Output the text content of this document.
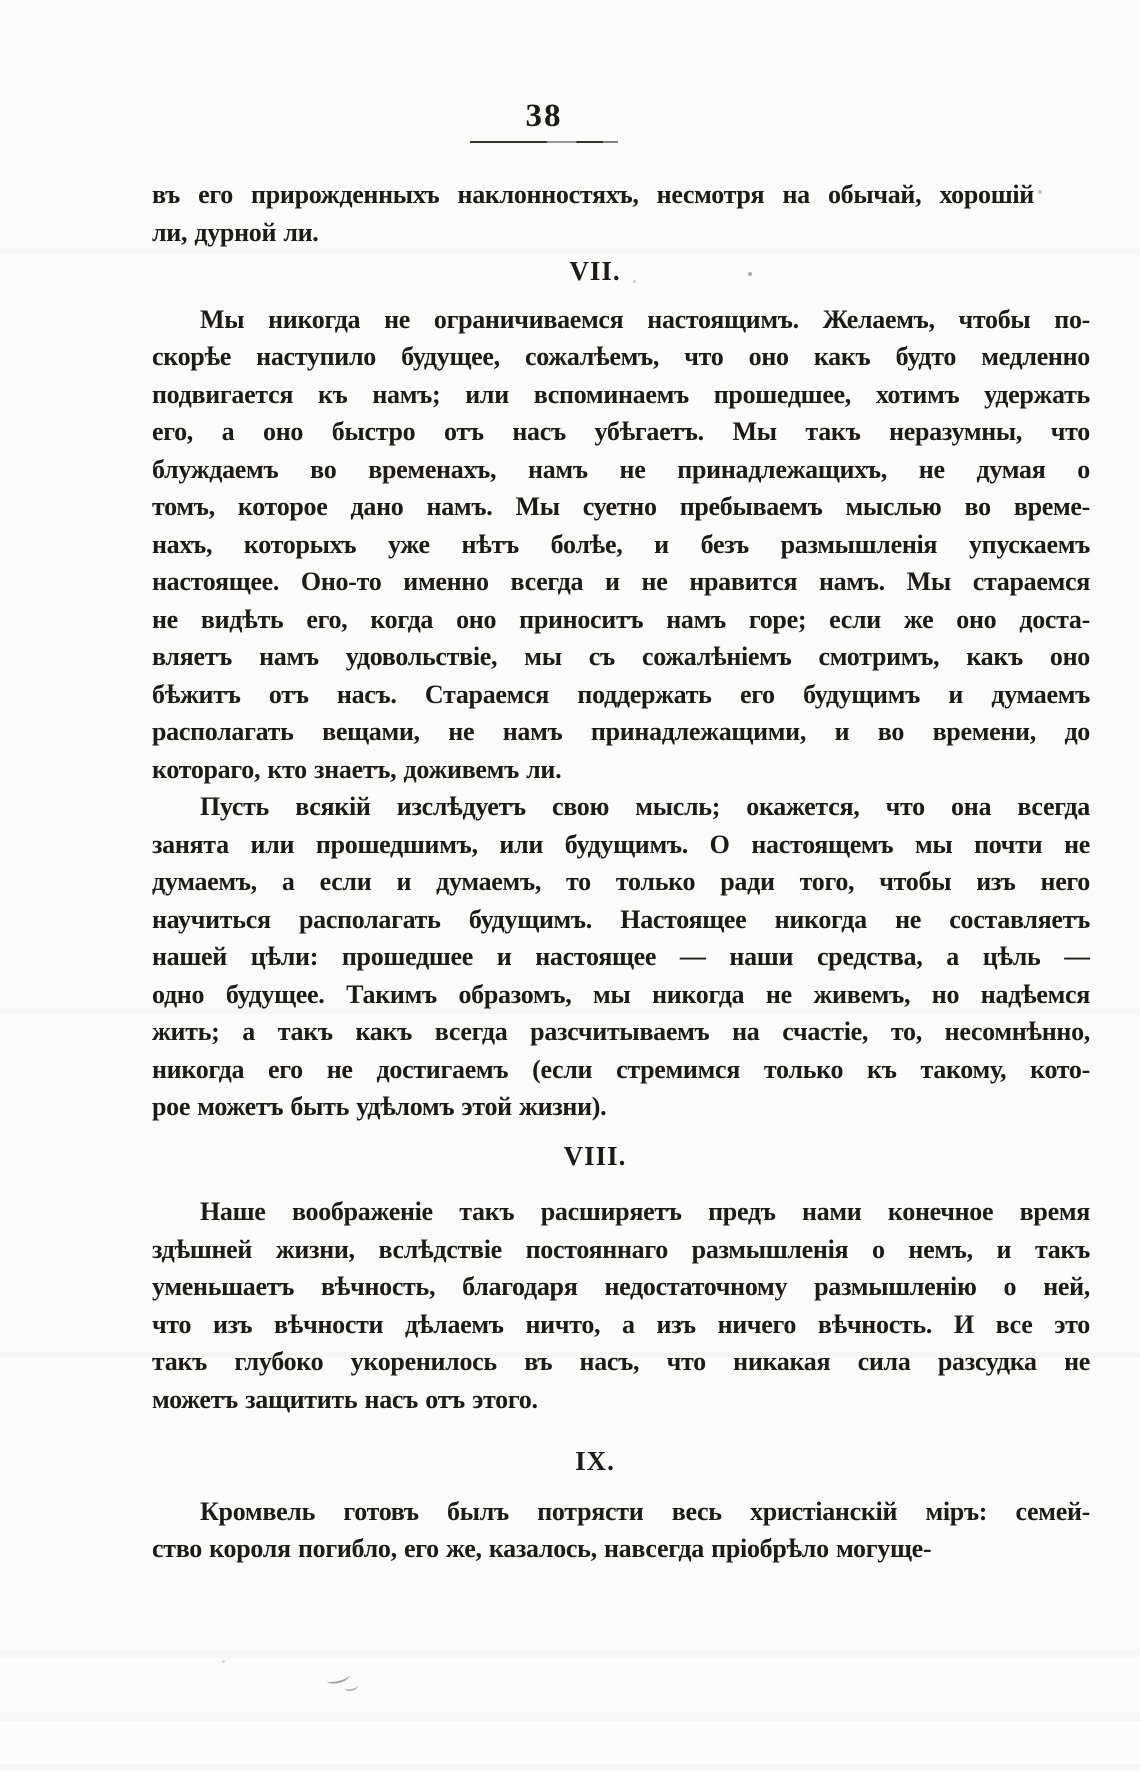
38
въ его прирожденныхъ наклонностяхъ, несмотря на обычай, хорошій
ли, дурной ли.
VII.
Мы никогда не ограничиваемся настоящимъ. Желаемъ, чтобы по-
скорѣе наступило будущее, сожалѣемъ, что оно какъ будто медленно
подвигается къ намъ; или вспоминаемъ прошедшее, хотимъ удержать
его, а оно быстро отъ насъ убѣгаетъ. Мы такъ неразумны, что
блуждаемъ во временахъ, намъ не принадлежащихъ, не думая о
томъ, которое дано намъ. Мы суетно пребываемъ мыслью во време-
нахъ, которыхъ уже нѣтъ болѣе, и безъ размышленія упускаемъ
настоящее. Оно-то именно всегда и не нравится намъ. Мы стараемся
не видѣть его, когда оно приноситъ намъ горе; если же оно доста-
вляетъ намъ удовольствіе, мы съ сожалѣніемъ смотримъ, какъ оно
бѣжитъ отъ насъ. Стараемся поддержать его будущимъ и думаемъ
располагать вещами, не намъ принадлежащими, и во времени, до
котораго, кто знаетъ, доживемъ ли.
Пусть всякій изслѣдуетъ свою мысль; окажется, что она всегда
занята или прошедшимъ, или будущимъ. О настоящемъ мы почти не
думаемъ, а если и думаемъ, то только ради того, чтобы изъ него
научиться располагать будущимъ. Настоящее никогда не составляетъ
нашей цѣли: прошедшее и настоящее — наши средства, а цѣль —
одно будущее. Такимъ образомъ, мы никогда не живемъ, но надѣемся
жить; а такъ какъ всегда разсчитываемъ на счастіе, то, несомнѣнно,
никогда его не достигаемъ (если стремимся только къ такому, кото-
рое можетъ быть удѣломъ этой жизни).
VIII.
Наше воображеніе такъ расширяетъ предъ нами конечное время
здѣшней жизни, вслѣдствіе постояннаго размышленія о немъ, и такъ
уменьшаетъ вѣчность, благодаря недостаточному размышленію о ней,
что изъ вѣчности дѣлаемъ ничто, а изъ ничего вѣчность. И все это
такъ глубоко укоренилось въ насъ, что никакая сила разсудка не
можетъ защитить насъ отъ этого.
IX.
Кромвель готовъ былъ потрясти весь христіанскій міръ: семей-
ство короля погибло, его же, казалось, навсегда пріобрѣло могуще-
